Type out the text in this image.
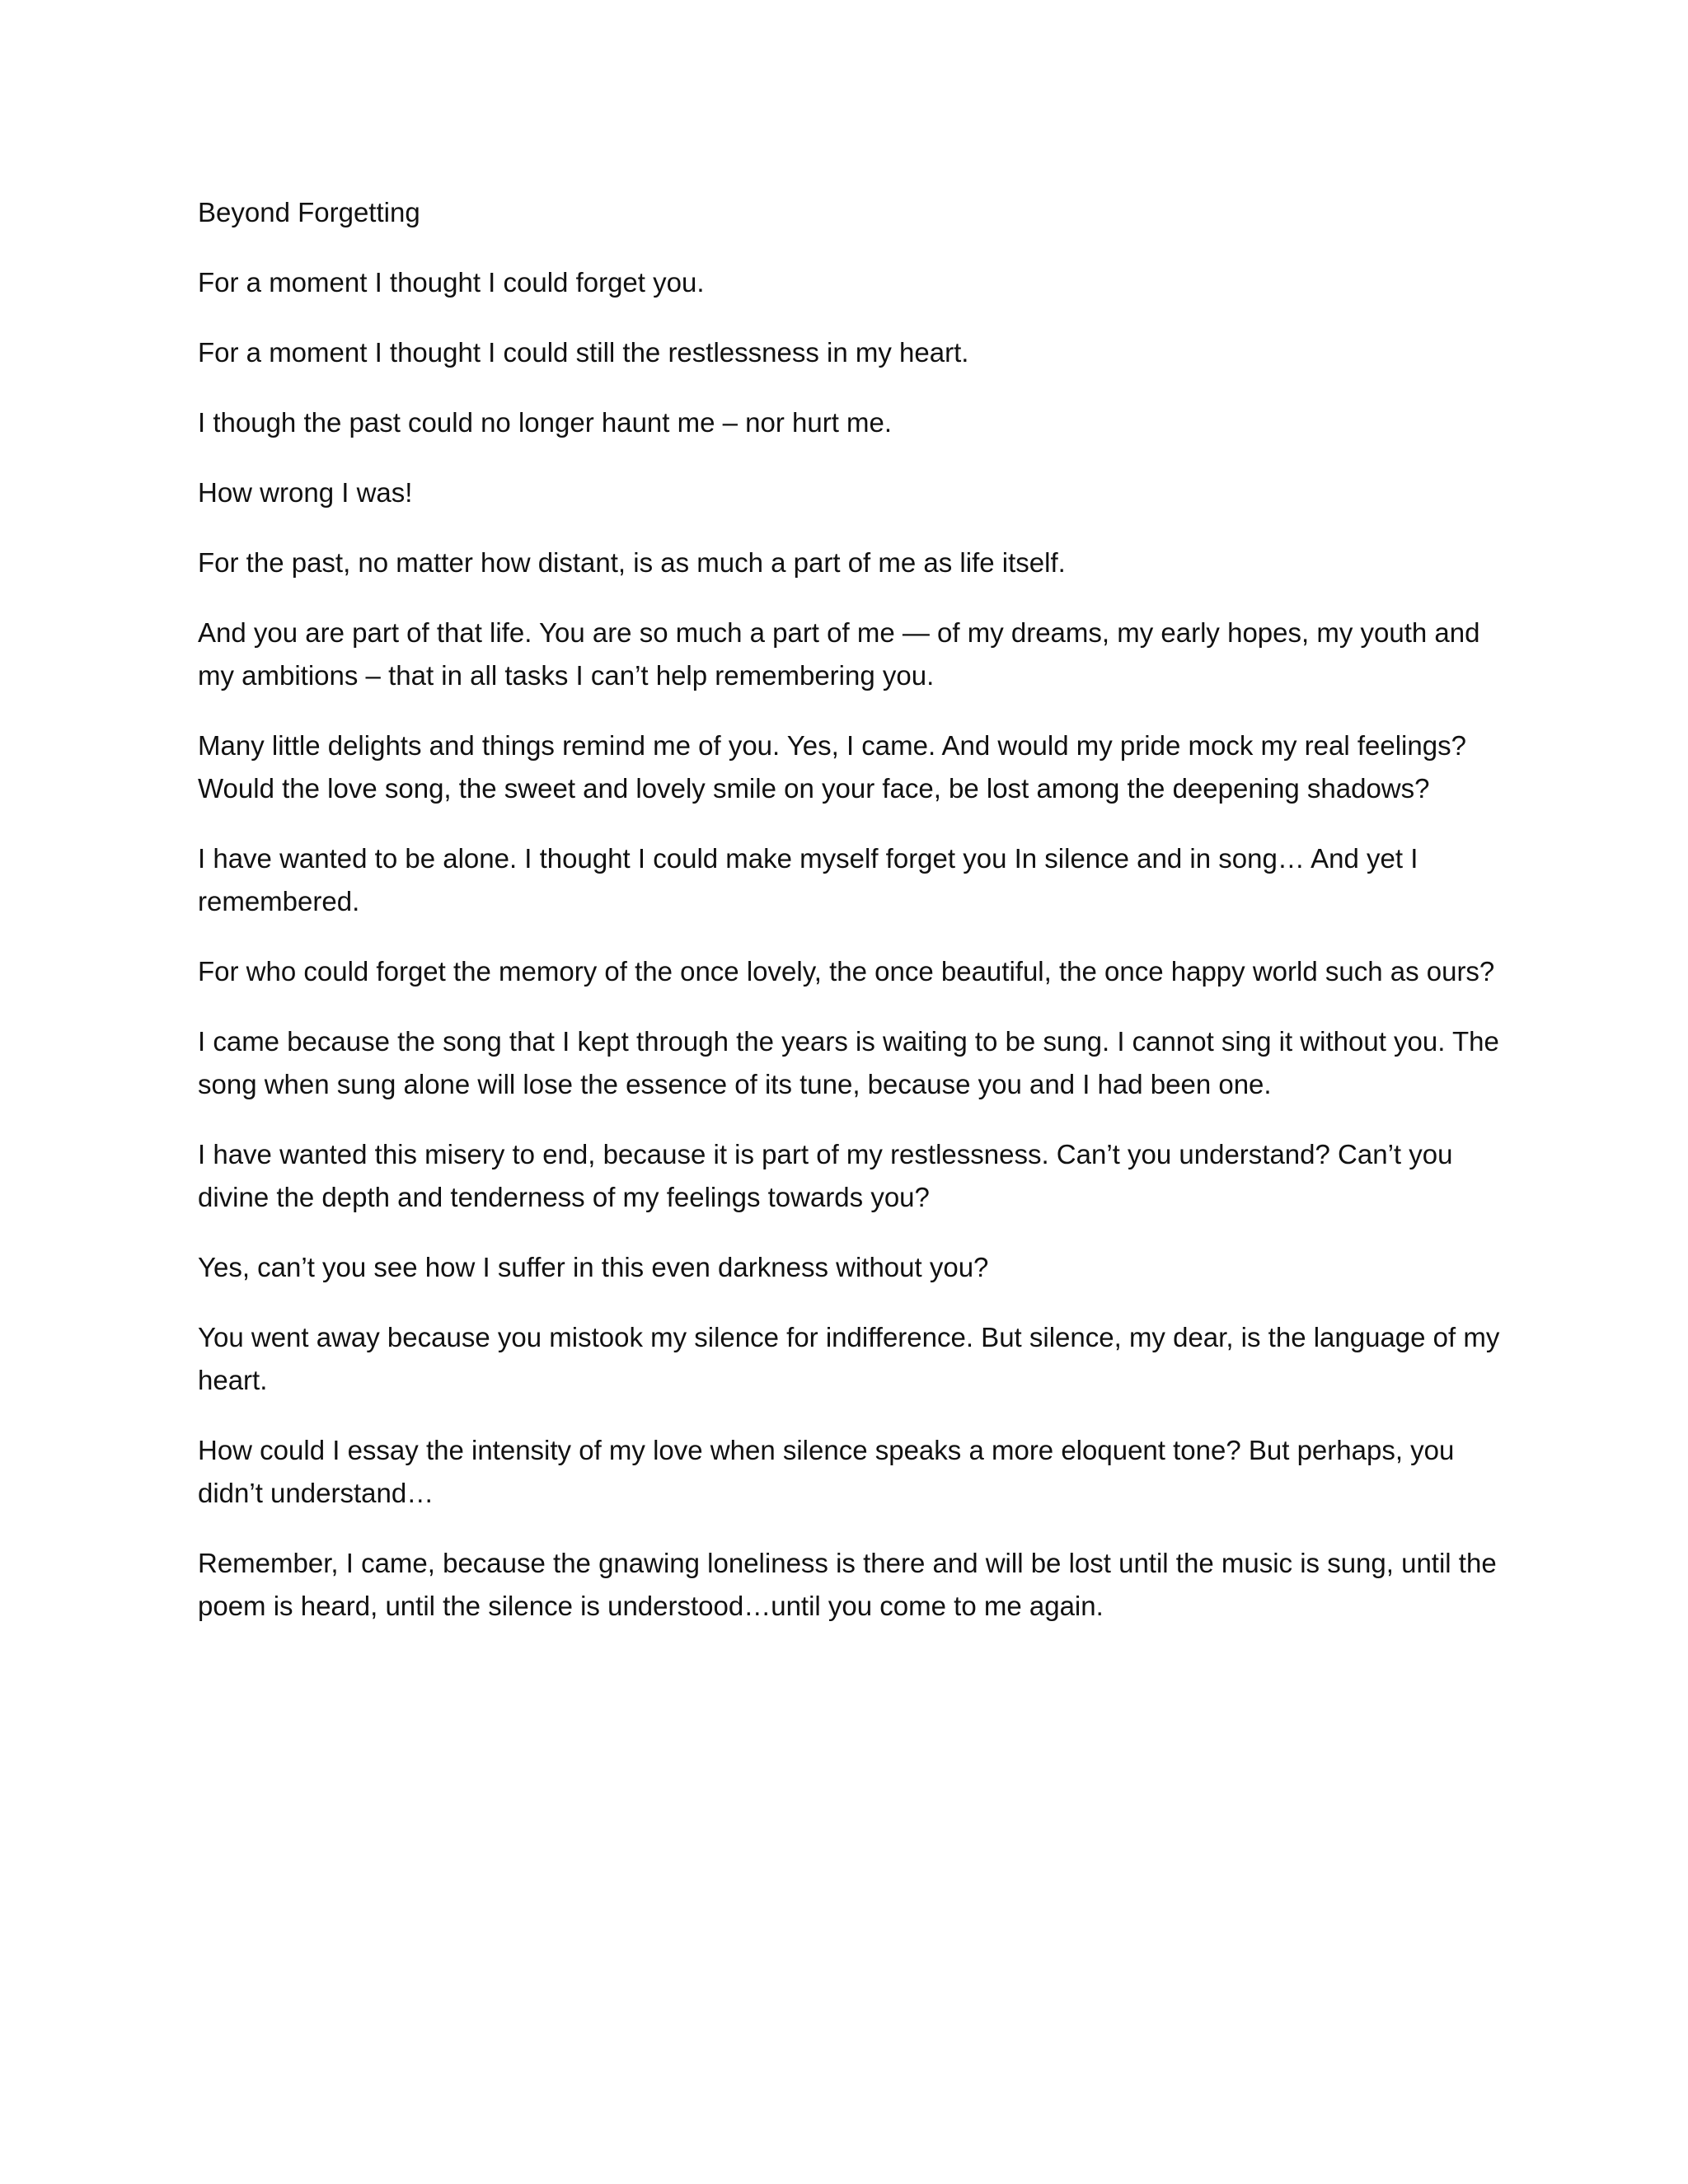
Beyond Forgetting

For a moment I thought I could forget you.

For a moment I thought I could still the restlessness in my heart.

I though the past could no longer haunt me – nor hurt me.

How wrong I was!

For the past, no matter how distant, is as much a part of me as life itself.

And you are part of that life. You are so much a part of me — of my dreams, my early hopes, my youth and my ambitions – that in all tasks I can’t help remembering you.

Many little delights and things remind me of you. Yes, I came. And would my pride mock my real feelings? Would the love song, the sweet and lovely smile on your face, be lost among the deepening shadows?

I have wanted to be alone. I thought I could make myself forget you In silence and in song… And yet I remembered.

For who could forget the memory of the once lovely, the once beautiful, the once happy world such as ours?

I came because the song that I kept through the years is waiting to be sung. I cannot sing it without you. The song when sung alone will lose the essence of its tune, because you and I had been one.

I have wanted this misery to end, because it is part of my restlessness. Can’t you understand? Can’t you divine the depth and tenderness of my feelings towards you?

Yes, can’t you see how I suffer in this even darkness without you?

You went away because you mistook my silence for indifference. But silence, my dear, is the language of my heart.

How could I essay the intensity of my love when silence speaks a more eloquent tone? But perhaps, you didn’t understand…

Remember, I came, because the gnawing loneliness is there and will be lost until the music is sung, until the poem is heard, until the silence is understood…until you come to me again.
